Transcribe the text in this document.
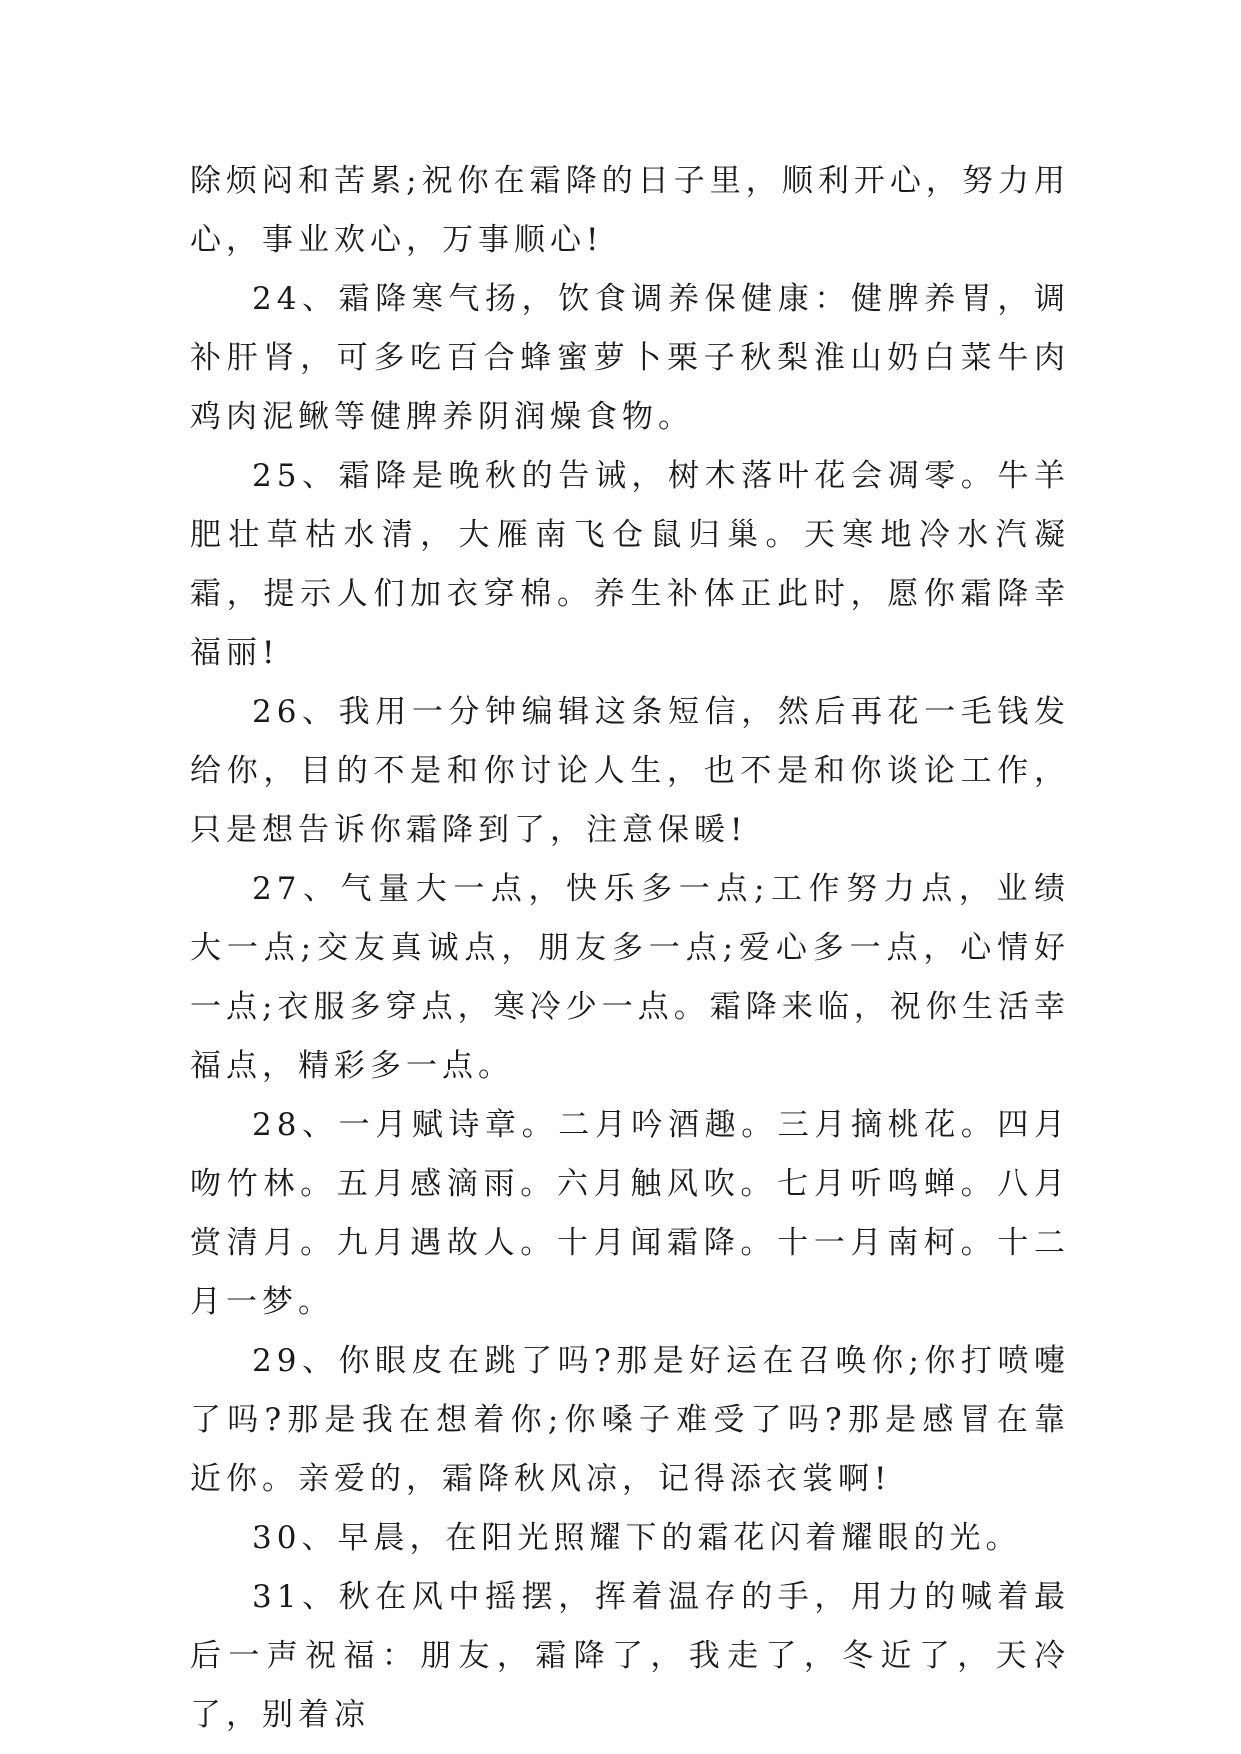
除烦闷和苦累;祝你在霜降的日子里，顺利开心，努力用心，事业欢心，万事顺心!

24、霜降寒气扬，饮食调养保健康：健脾养胃，调补肝肾，可多吃百合蜂蜜萝卜栗子秋梨淮山奶白菜牛肉鸡肉泥鳅等健脾养阴润燥食物。

25、霜降是晚秋的告诫，树木落叶花会凋零。牛羊肥壮草枯水清，大雁南飞仓鼠归巢。天寒地冷水汽凝霜，提示人们加衣穿棉。养生补体正此时，愿你霜降幸福丽!

26、我用一分钟编辑这条短信，然后再花一毛钱发给你，目的不是和你讨论人生，也不是和你谈论工作，只是想告诉你霜降到了，注意保暖!

27、气量大一点，快乐多一点;工作努力点，业绩大一点;交友真诚点，朋友多一点;爱心多一点，心情好一点;衣服多穿点，寒冷少一点。霜降来临，祝你生活幸福点，精彩多一点。

28、一月赋诗章。二月吟酒趣。三月摘桃花。四月吻竹林。五月感滴雨。六月触风吹。七月听鸣蝉。八月赏清月。九月遇故人。十月闻霜降。十一月南柯。十二月一梦。

29、你眼皮在跳了吗?那是好运在召唤你;你打喷嚏了吗?那是我在想着你;你嗓子难受了吗?那是感冒在靠近你。亲爱的，霜降秋风凉，记得添衣裳啊!

30、早晨，在阳光照耀下的霜花闪着耀眼的光。

31、秋在风中摇摆，挥着温存的手，用力的喊着最后一声祝福：朋友，霜降了，我走了，冬近了，天冷了，别着凉
